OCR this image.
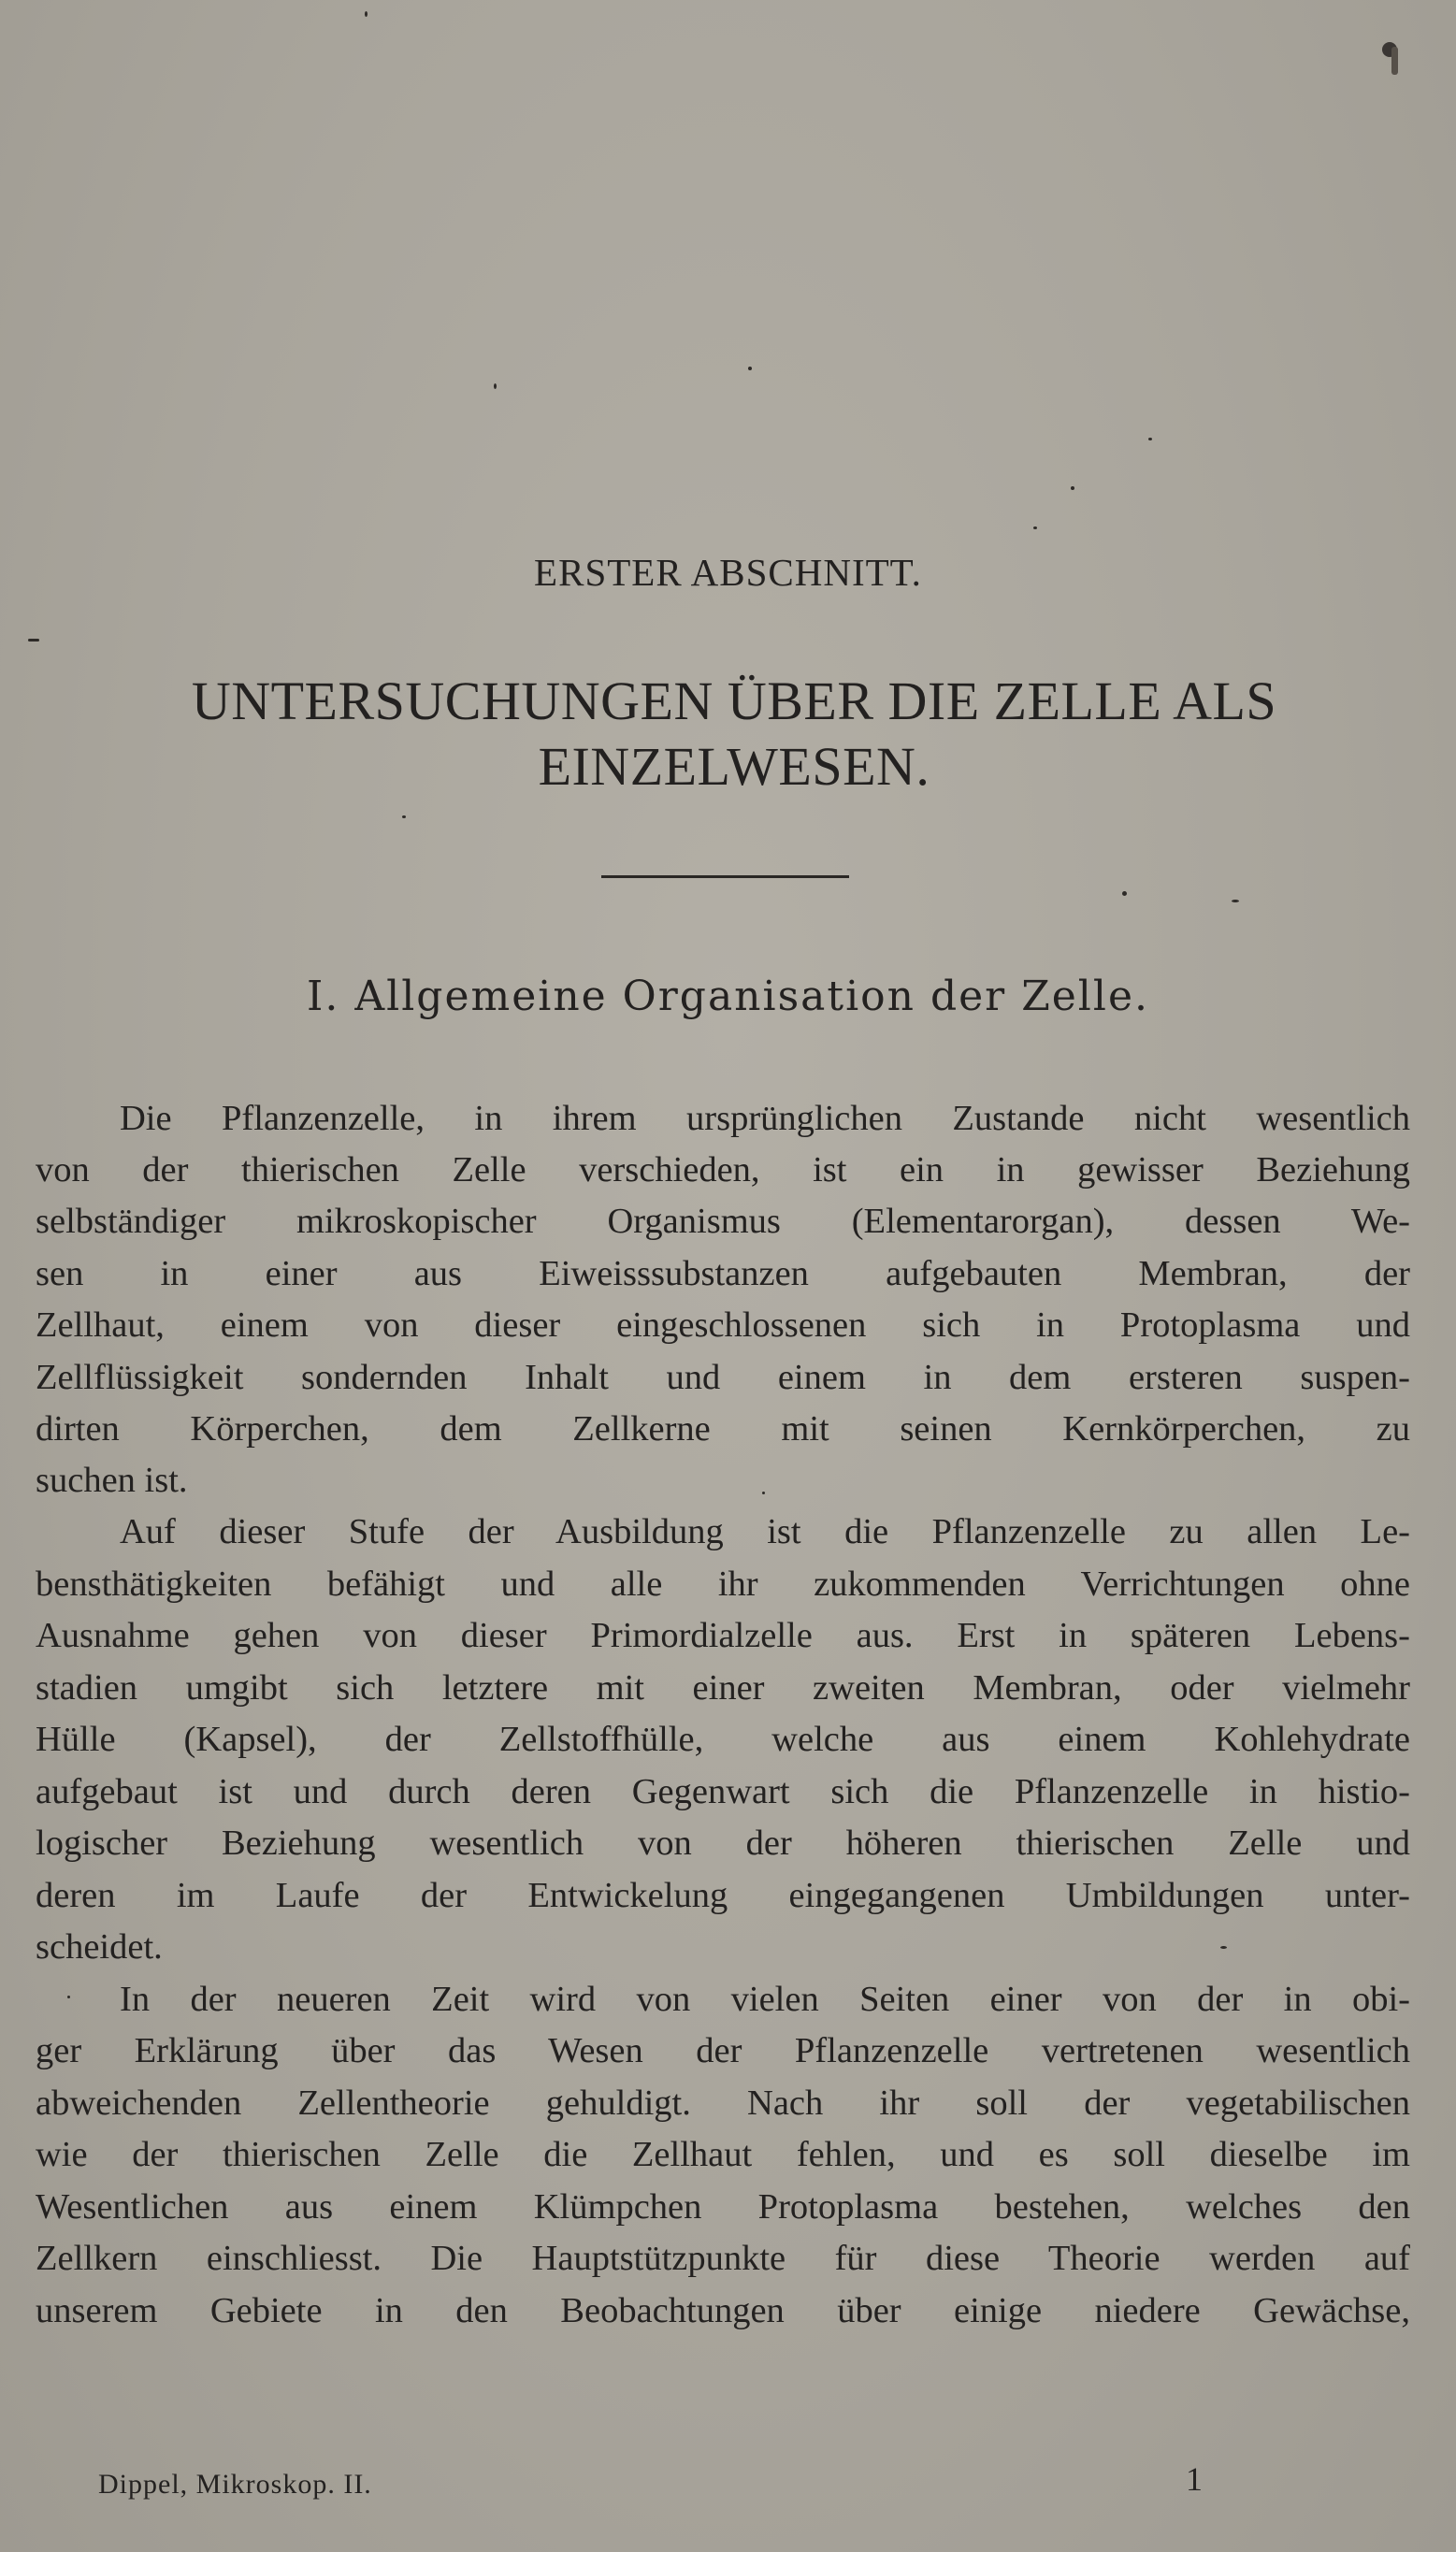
ERSTER ABSCHNITT.
UNTERSUCHUNGEN ÜBER DIE ZELLE ALS
EINZELWESEN.
I. Allgemeine Organisation der Zelle.
Die Pflanzenzelle, in ihrem ursprünglichen Zustande nicht wesentlich
von der thierischen Zelle verschieden, ist ein in gewisser Beziehung
selbständiger mikroskopischer Organismus (Elementarorgan), dessen We-
sen in einer aus Eiweisssubstanzen aufgebauten Membran, der
Zellhaut, einem von dieser eingeschlossenen sich in Protoplasma und
Zellflüssigkeit sondernden Inhalt und einem in dem ersteren suspen-
dirten Körperchen, dem Zellkerne mit seinen Kernkörperchen, zu
suchen ist.
Auf dieser Stufe der Ausbildung ist die Pflanzenzelle zu allen Le-
bensthätigkeiten befähigt und alle ihr zukommenden Verrichtungen ohne
Ausnahme gehen von dieser Primordialzelle aus. Erst in späteren Lebens-
stadien umgibt sich letztere mit einer zweiten Membran, oder vielmehr
Hülle (Kapsel), der Zellstoffhülle, welche aus einem Kohlehydrate
aufgebaut ist und durch deren Gegenwart sich die Pflanzenzelle in histio-
logischer Beziehung wesentlich von der höheren thierischen Zelle und
deren im Laufe der Entwickelung eingegangenen Umbildungen unter-
scheidet.
In der neueren Zeit wird von vielen Seiten einer von der in obi-
ger Erklärung über das Wesen der Pflanzenzelle vertretenen wesentlich
abweichenden Zellentheorie gehuldigt. Nach ihr soll der vegetabilischen
wie der thierischen Zelle die Zellhaut fehlen, und es soll dieselbe im
Wesentlichen aus einem Klümpchen Protoplasma bestehen, welches den
Zellkern einschliesst. Die Hauptstützpunkte für diese Theorie werden auf
unserem Gebiete in den Beobachtungen über einige niedere Gewächse,
Dippel, Mikroskop. II.	1
